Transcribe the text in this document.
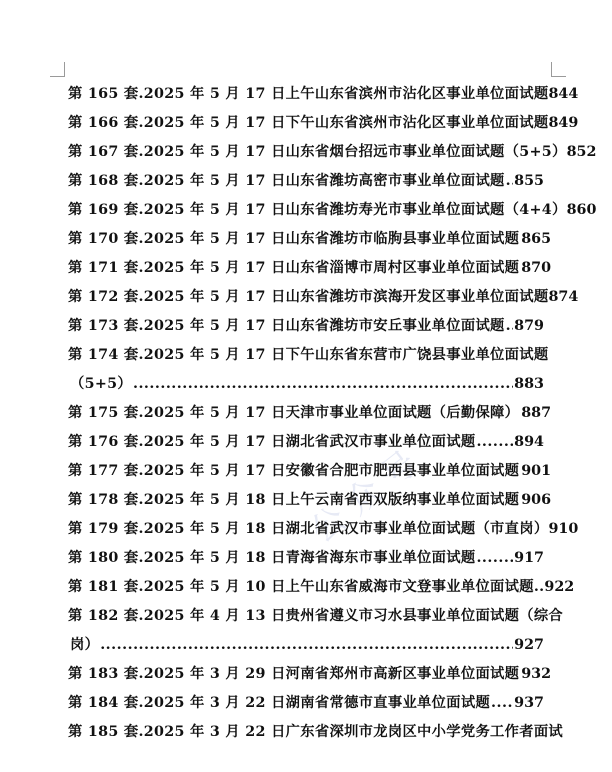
公 众 号
第 165 套.2025 年 5 月 17 日上午山东省滨州市沾化区事业单位面试题 844
第 166 套.2025 年 5 月 17 日下午山东省滨州市沾化区事业单位面试题 849
第 167 套.2025 年 5 月 17 日山东省烟台招远市事业单位面试题（5+5） 852
第 168 套.2025 年 5 月 17 日山东省潍坊高密市事业单位面试题 ..... 855
第 169 套.2025 年 5 月 17 日山东省潍坊寿光市事业单位面试题（4+4） 860
第 170 套.2025 年 5 月 17 日山东省潍坊市临朐县事业单位面试题 865
第 171 套.2025 年 5 月 17 日山东省淄博市周村区事业单位面试题 870
第 172 套.2025 年 5 月 17 日山东省潍坊市滨海开发区事业单位面试题 874
第 173 套.2025 年 5 月 17 日山东省潍坊市安丘事业单位面试题 ..... 879
第 174 套.2025 年 5 月 17 日下午山东省东营市广饶县事业单位面试题
（5+5） .....	883
第 175 套.2025 年 5 月 17 日天津市事业单位面试题（后勤保障） 887
第 176 套.2025 年 5 月 17 日湖北省武汉市事业单位面试题 .....	894
第 177 套.2025 年 5 月 17 日安徽省合肥市肥西县事业单位面试题 901
第 178 套.2025 年 5 月 18 日上午云南省西双版纳事业单位面试题 906
第 179 套.2025 年 5 月 18 日湖北省武汉市事业单位面试题（市直岗） 910
第 180 套.2025 年 5 月 18 日青海省海东市事业单位面试题 .....	917
第 181 套.2025 年 5 月 10 日上午山东省威海市文登事业单位面试题.. 922
第 182 套.2025 年 4 月 13 日贵州省遵义市习水县事业单位面试题（综合
岗） .....	927
第 183 套.2025 年 3 月 29 日河南省郑州市高新区事业单位面试题 932
第 184 套.2025 年 3 月 22 日湖南省常德市直事业单位面试题 ..... 937
第 185 套.2025 年 3 月 22 日广东省深圳市龙岗区中小学党务工作者面试
